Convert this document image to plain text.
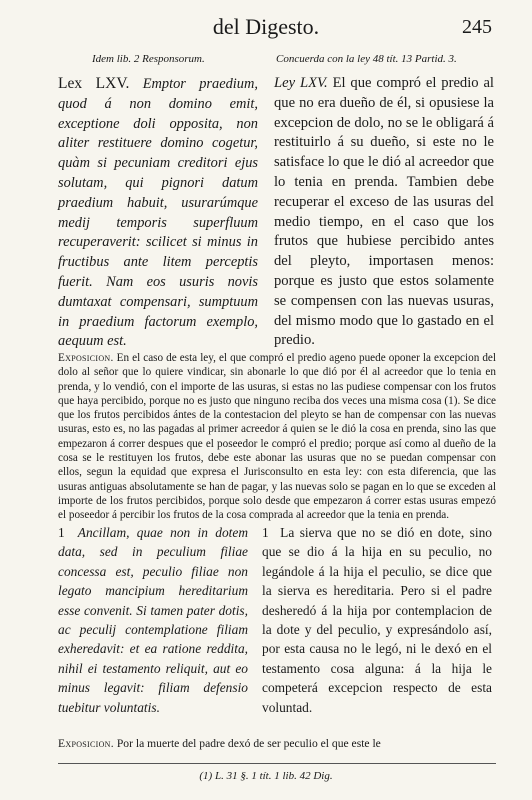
del Digesto.	245
Idem lib. 2 Responsorum.	Concuerda con la ley 48 tít. 13 Partid. 3.
Lex LXV. Emptor praedium, quod á non domino emit, exceptione doli opposita, non aliter restituere domino cogetur, quàm si pecuniam creditori ejus solutam, qui pignori datum praedium habuit, usurarúmque medij temporis superfluum recuperaverit: scilicet si minus in fructibus ante litem perceptis fuerit. Nam eos usuris novis dumtaxat compensari, sumptuum in praedium factorum exemplo, aequum est.
Ley LXV. El que compró el predio al que no era dueño de él, si opusiese la excepcion de dolo, no se le obligará á restituirlo á su dueño, si este no le satisface lo que le dió al acreedor que lo tenia en prenda. Tambien debe recuperar el exceso de las usuras del medio tiempo, en el caso que los frutos que hubiese percibido antes del pleyto, importasen menos: porque es justo que estos solamente se compensen con las nuevas usuras, del mismo modo que lo gastado en el predio.
Exposicion. En el caso de esta ley, el que compró el predio ageno puede oponer la excepcion del dolo al señor que lo quiere vindicar, sin abonarle lo que dió por él al acreedor que lo tenia en prenda, y lo vendió, con el importe de las usuras, si estas no las pudiese compensar con los frutos que haya percibido, porque no es justo que ninguno reciba dos veces una misma cosa (1). Se dice que los frutos percibidos ántes de la contestacion del pleyto se han de compensar con las nuevas usuras, esto es, no las pagadas al primer acreedor á quien se le dió la cosa en prenda, sino las que empezaron á correr despues que el poseedor le compró el predio; porque así como al dueño de la cosa se le restituyen los frutos, debe este abonar las usuras que no se puedan compensar con ellos, segun la equidad que expresa el Jurisconsulto en esta ley: con esta diferencia, que las usuras antiguas absolutamente se han de pagar, y las nuevas solo se pagan en lo que se exceden al importe de los frutos percibidos, porque solo desde que empezaron á correr estas usuras empezó el poseedor á percibir los frutos de la cosa comprada al acreedor que la tenia en prenda.
1 Ancillam, quae non in dotem data, sed in peculium filiae concessa est, peculio filiae non legato mancipium hereditarium esse convenit. Si tamen pater dotis, ac peculij contemplatione filiam exheredavit: et ea ratione reddita, nihil ei testamento reliquit, aut eo minus legavit: filiam defensio tuebitur voluntatis.
1 La sierva que no se dió en dote, sino que se dio á la hija en su peculio, no legándole á la hija el peculio, se dice que la sierva es hereditaria. Pero si el padre desheredó á la hija por contemplacion de la dote y del peculio, y expresándolo así, por esta causa no le legó, ni le dexó en el testamento cosa alguna: á la hija le competerá excepcion respecto de esta voluntad.
Exposicion. Por la muerte del padre dexó de ser peculio el que este le
(1) L. 31 §. 1 tít. 1 lib. 42 Dig.
